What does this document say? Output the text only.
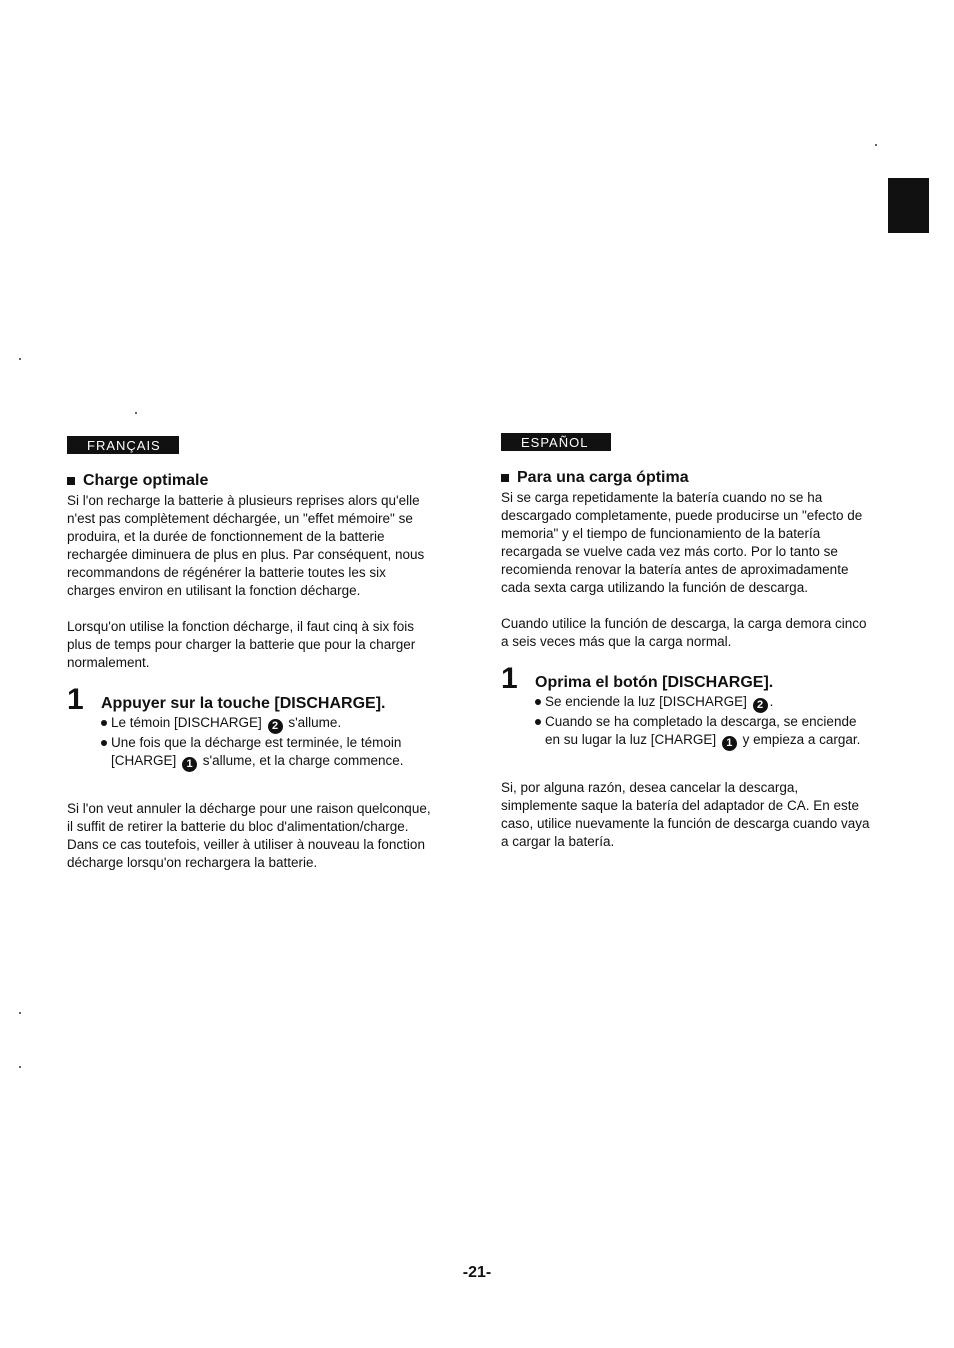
FRANÇAIS
Charge optimale

Si l'on recharge la batterie à plusieurs reprises alors qu'elle n'est pas complètement déchargée, un "effet mémoire" se produira, et la durée de fonctionnement de la batterie rechargée diminuera de plus en plus. Par conséquent, nous recommandons de régénérer la batterie toutes les six charges environ en utilisant la fonction décharge.

Lorsqu'on utilise la fonction décharge, il faut cinq à six fois plus de temps pour charger la batterie que pour la charger normalement.

1	Appuyer sur la touche [DISCHARGE].
Le témoin [DISCHARGE] 2 s'allume.
Une fois que la décharge est terminée, le témoin [CHARGE] 1 s'allume, et la charge commence.

Si l'on veut annuler la décharge pour une raison quelconque, il suffit de retirer la batterie du bloc d'alimentation/charge. Dans ce cas toutefois, veiller à utiliser à nouveau la fonction décharge lorsqu'on rechargera la batterie.

ESPAÑOL
Para una carga óptima

Si se carga repetidamente la batería cuando no se ha descargado completamente, puede producirse un "efecto de memoria" y el tiempo de funcionamiento de la batería recargada se vuelve cada vez más corto. Por lo tanto se recomienda renovar la batería antes de aproximadamente cada sexta carga utilizando la función de descarga.

Cuando utilice la función de descarga, la carga demora cinco a seis veces más que la carga normal.

1	Oprima el botón [DISCHARGE].
Se enciende la luz [DISCHARGE] 2 .
Cuando se ha completado la descarga, se enciende en su lugar la luz [CHARGE] 1 y empieza a cargar.

Si, por alguna razón, desea cancelar la descarga, simplemente saque la batería del adaptador de CA. En este caso, utilice nuevamente la función de descarga cuando vaya a cargar la batería.

-21-
